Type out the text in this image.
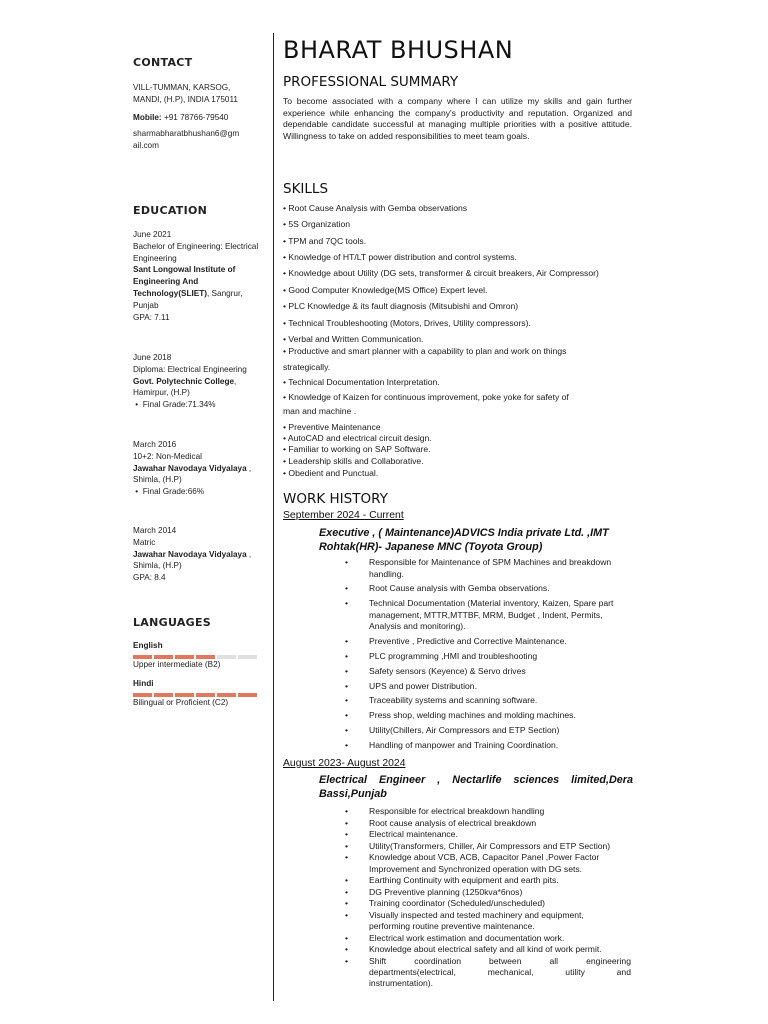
CONTACT
VILL-TUMMAN, KARSOG,
MANDI, (H.P), INDIA 175011
Mobile: +91 78766-79540
sharmabharatbhushan6@gm
ail.com
EDUCATION
June 2021
Bachelor of Engineering: Electrical
Engineering
Sant Longowal Institute of
Engineering And
Technology(SLIET), Sangrur,
Punjab
GPA: 7.11
June 2018
Diploma: Electrical Engineering
Govt. Polytechnic College,
Hamirpur, (H.P)
•  Final Grade:71.34%
March 2016
10+2: Non-Medical
Jawahar Navodaya Vidyalaya ,
Shimla, (H.P)
•  Final Grade:66%
March 2014
Matric
Jawahar Navodaya Vidyalaya ,
Shimla, (H.P)
GPA: 8.4
LANGUAGES
English
Upper intermediate (B2)
Hindi
Bilingual or Proficient (C2)
BHARAT BHUSHAN
PROFESSIONAL SUMMARY
To become associated with a company where I can utilize my skills and gain further experience while enhancing the company's productivity and reputation. Organized and dependable candidate successful at managing multiple priorities with a positive attitude. Willingness to take on added responsibilities to meet team goals.
SKILLS
• Root Cause Analysis with Gemba observations
• 5S Organization
• TPM and 7QC tools.
• Knowledge of HT/LT power distribution and control systems.
• Knowledge about Utility (DG sets, transformer & circuit breakers, Air Compressor)
• Good Computer Knowledge(MS Office) Expert level.
• PLC Knowledge & its fault diagnosis (Mitsubishi and Omron)
• Technical Troubleshooting (Motors, Drives, Utility compressors).
• Verbal and Written Communication.
• Productive and smart planner with a capability to plan and work on things
strategically.
• Technical Documentation Interpretation.
• Knowledge of Kaizen for continuous improvement, poke yoke for safety of
man and machine .
• Preventive Maintenance
• AutoCAD and electrical circuit design.
• Familiar to working on SAP Software.
• Leadership skills and Collaborative.
• Obedient and Punctual.
WORK HISTORY
September 2024 - Current
Executive , ( Maintenance)ADVICS India private Ltd. ,IMT
Rohtak(HR)- Japanese MNC (Toyota Group)
• Responsible for Maintenance of SPM Machines and breakdown
handling.
• Root Cause analysis with Gemba observations.
• Technical Documentation (Material inventory, Kaizen, Spare part
management, MTTR,MTTBF, MRM, Budget , Indent, Permits,
Analysis and monitoring).
• Preventive , Predictive and Corrective Maintenance.
• PLC programming ,HMI and troubleshooting
• Safety sensors (Keyence) & Servo drives
• UPS and power Distribution.
• Traceability systems and scanning software.
• Press shop, welding machines and molding machines.
• Utility(Chillers, Air Compressors and ETP Section)
• Handling of manpower and Training Coordination.
August 2023- August 2024
Electrical Engineer , Nectarlife sciences limited,Dera
Bassi,Punjab
• Responsible for electrical breakdown handling
• Root cause analysis of electrical breakdown
• Electrical maintenance.
• Utility(Transformers, Chiller, Air Compressors and ETP Section)
• Knowledge about VCB, ACB, Capacitor Panel ,Power Factor
Improvement and Synchronized operation with DG sets.
• Earthing Continuity with equipment and earth pits.
• DG Preventive planning (1250kva*6nos)
• Training coordinator (Scheduled/unscheduled)
• Visually inspected and tested machinery and equipment,
performing routine preventive maintenance.
• Electrical work estimation and documentation work.
• Knowledge about electrical safety and all kind of work permit.
• Shift coordination between all engineering
departments(electrical, mechanical, utility and
instrumentation).
